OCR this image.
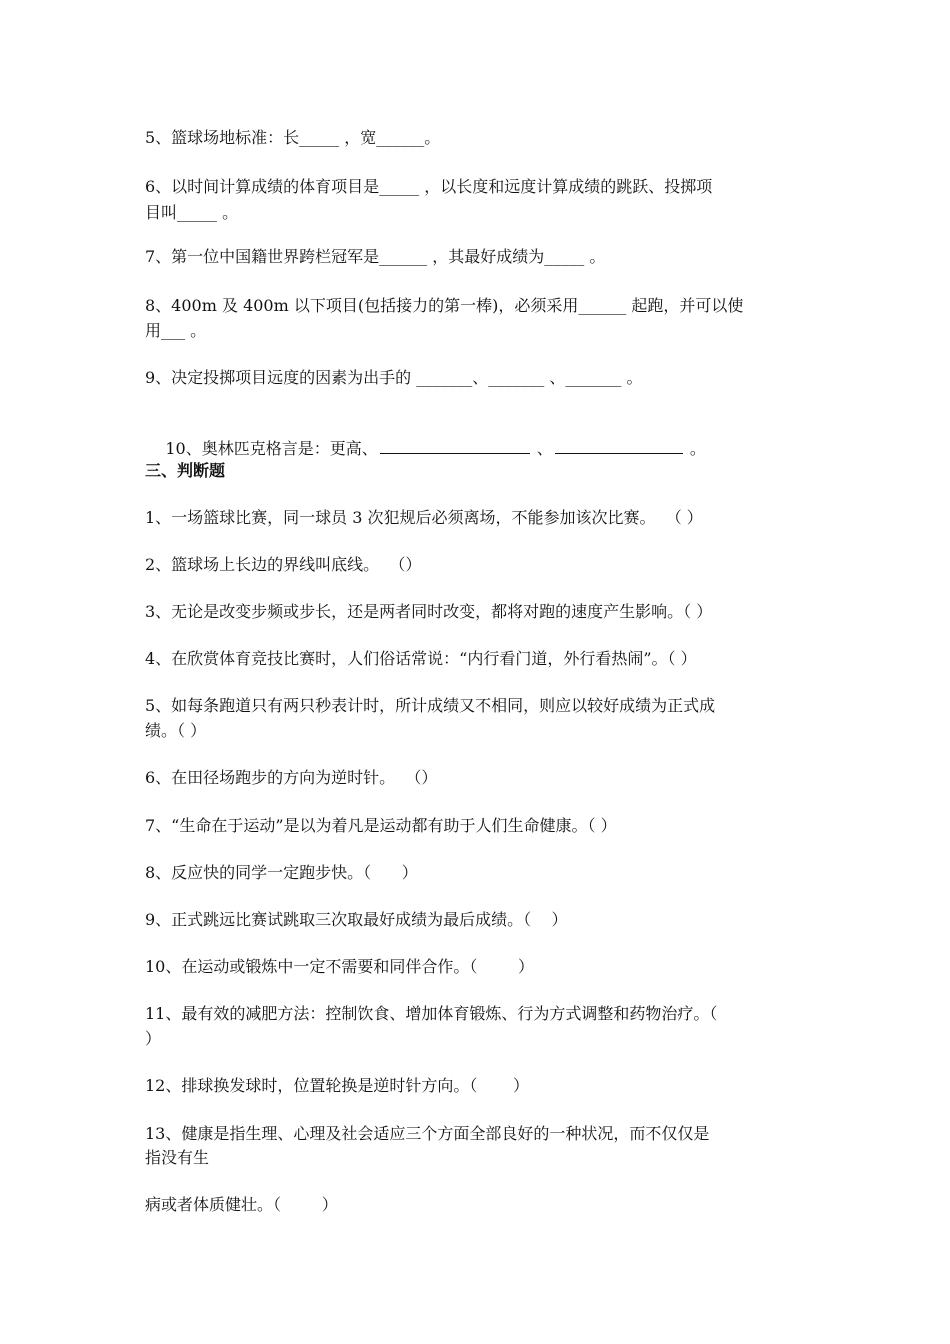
5、篮球场地标准：长_____ ，宽______。
6、以时间计算成绩的体育项目是_____ ，以长度和远度计算成绩的跳跃、投掷项
目叫_____ 。
7、第一位中国籍世界跨栏冠军是______ ，其最好成绩为_____ 。
8、400m 及 400m 以下项目(包括接力的第一棒)，必须采用______ 起跑，并可以使
用___ 。
9、决定投掷项目远度的因素为出手的 _______、_______ 、_______ 。

10、奥林匹克格言是：更高、	、	。

三、判断题
1、一场篮球比赛，同一球员 3 次犯规后必须离场，不能参加该次比赛。  （ ）
2、篮球场上长边的界线叫底线。  （）
3、无论是改变步频或步长，还是两者同时改变，都将对跑的速度产生影响。（ ）
4、在欣赏体育竞技比赛时，人们俗话常说：“内行看门道，外行看热闹”。（ ）
5、如每条跑道只有两只秒表计时，所计成绩又不相同，则应以较好成绩为正式成
绩。（ ）
6、在田径场跑步的方向为逆时针。  （）
7、“生命在于运动”是以为着凡是运动都有助于人们生命健康。（ ）
8、反应快的同学一定跑步快。（      ）
9、正式跳远比赛试跳取三次取最好成绩为最后成绩。（    ）
10、在运动或锻炼中一定不需要和同伴合作。（        ）
11、最有效的减肥方法：控制饮食、增加体育锻炼、行为方式调整和药物治疗。（
）
12、排球换发球时，位置轮换是逆时针方向。（       ）
13、健康是指生理、心理及社会适应三个方面全部良好的一种状况，而不仅仅是
指没有生
病或者体质健壮。（        ）
